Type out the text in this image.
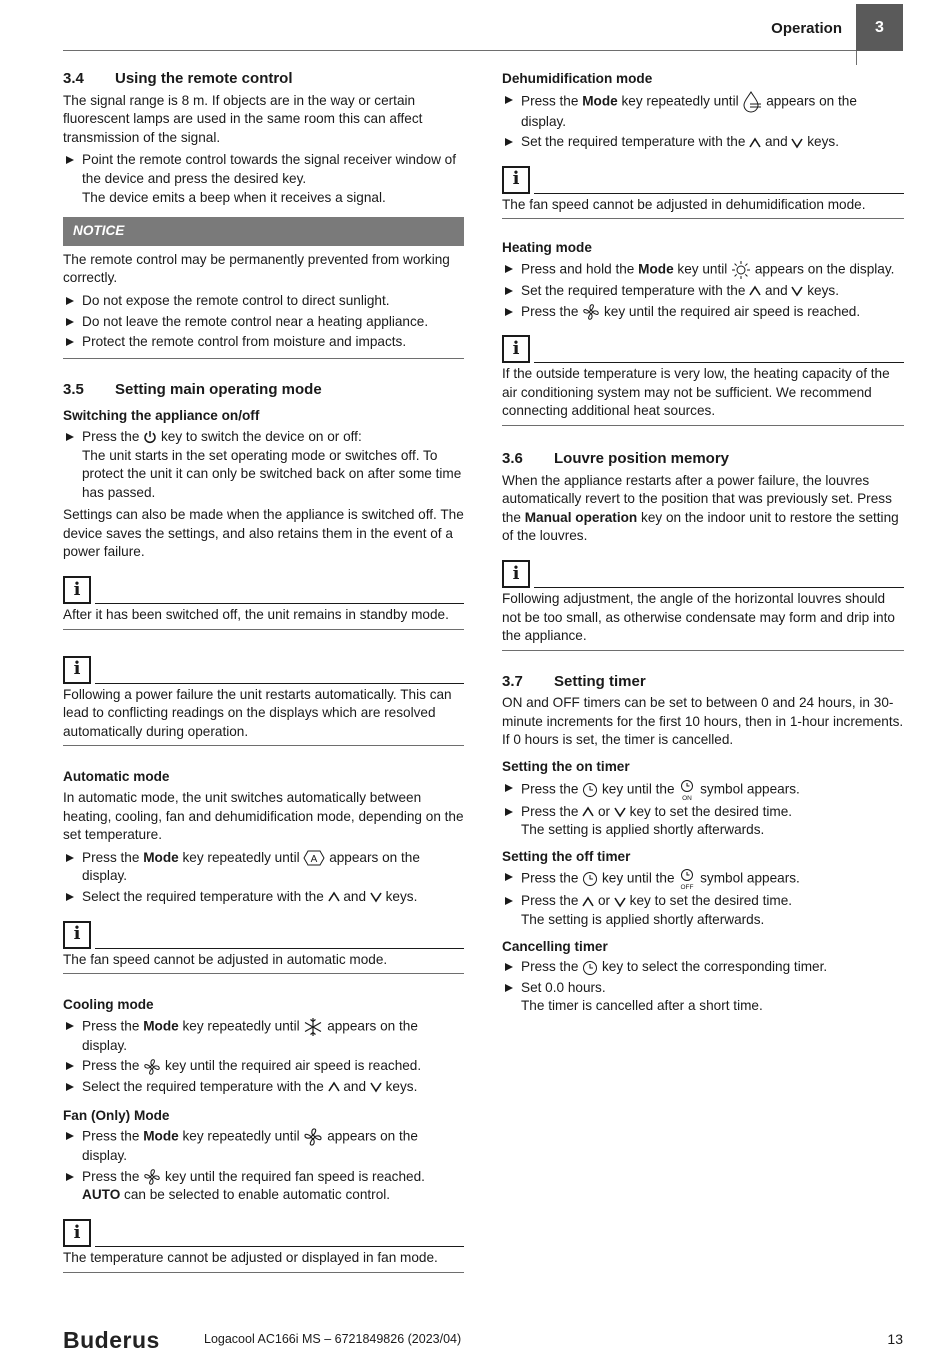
Operation	3
3.4	Using the remote control

The signal range is 8 m. If objects are in the way or certain fluorescent lamps are used in the same room this can affect transmission of the signal.

Point the remote control towards the signal receiver window of the device and press the desired key.
The device emits a beep when it receives a signal.
NOTICE

The remote control may be permanently prevented from working correctly.

Do not expose the remote control to direct sunlight.
Do not leave the remote control near a heating appliance.
Protect the remote control from moisture and impacts.
3.5	Setting main operating mode
Switching the appliance on/off
Press the key to switch the device on or off:
The unit starts in the set operating mode or switches off. To protect the unit it can only be switched back on after some time has passed.

Settings can also be made when the appliance is switched off. The device saves the settings, and also retains them in the event of a power failure.

i
After it has been switched off, the unit remains in standby mode.
i
Following a power failure the unit restarts automatically. This can lead to conflicting readings on the displays which are resolved automatically during operation.
Automatic mode

In automatic mode, the unit switches automatically between heating, cooling, fan and dehumidification mode, depending on the set temperature.

Press the Mode key repeatedly until A appears on the display.
Select the required temperature with the and keys.
i
The fan speed cannot be adjusted in automatic mode.
Cooling mode
Press the Mode key repeatedly until appears on the display.
Press the key until the required air speed is reached.
Select the required temperature with the and keys.
Fan (Only) Mode
Press the Mode key repeatedly until appears on the display.
Press the key until the required fan speed is reached. AUTO can be selected to enable automatic control.
i
The temperature cannot be adjusted or displayed in fan mode.
Dehumidification mode
Press the Mode key repeatedly until appears on the display.
Set the required temperature with the and keys.
i
The fan speed cannot be adjusted in dehumidification mode.
Heating mode
Press and hold the Mode key until appears on the display.
Set the required temperature with the and keys.
Press the key until the required air speed is reached.
i
If the outside temperature is very low, the heating capacity of the air conditioning system may not be sufficient. We recommend connecting additional heat sources.
3.6	Louvre position memory

When the appliance restarts after a power failure, the louvres automatically revert to the position that was previously set. Press the Manual operation key on the indoor unit to restore the setting of the louvres.

i
Following adjustment, the angle of the horizontal louvres should not be too small, as otherwise condensate may form and drip into the appliance.
3.7	Setting timer

ON and OFF timers can be set to between 0 and 24 hours, in 30-minute increments for the first 10 hours, then in 1-hour increments. If 0 hours is set, the timer is cancelled.

Setting the on timer
Press the key until the
ON
symbol appears.
Press the or key to set the desired time.
The setting is applied shortly afterwards.
Setting the off timer
Press the key until the
OFF
symbol appears.
Press the or key to set the desired time.
The setting is applied shortly afterwards.
Cancelling timer
Press the key to select the corresponding timer.
Set 0.0 hours.
The timer is cancelled after a short time.
Buderus	Logacool AC166i MS – 6721849826 (2023/04)	13
